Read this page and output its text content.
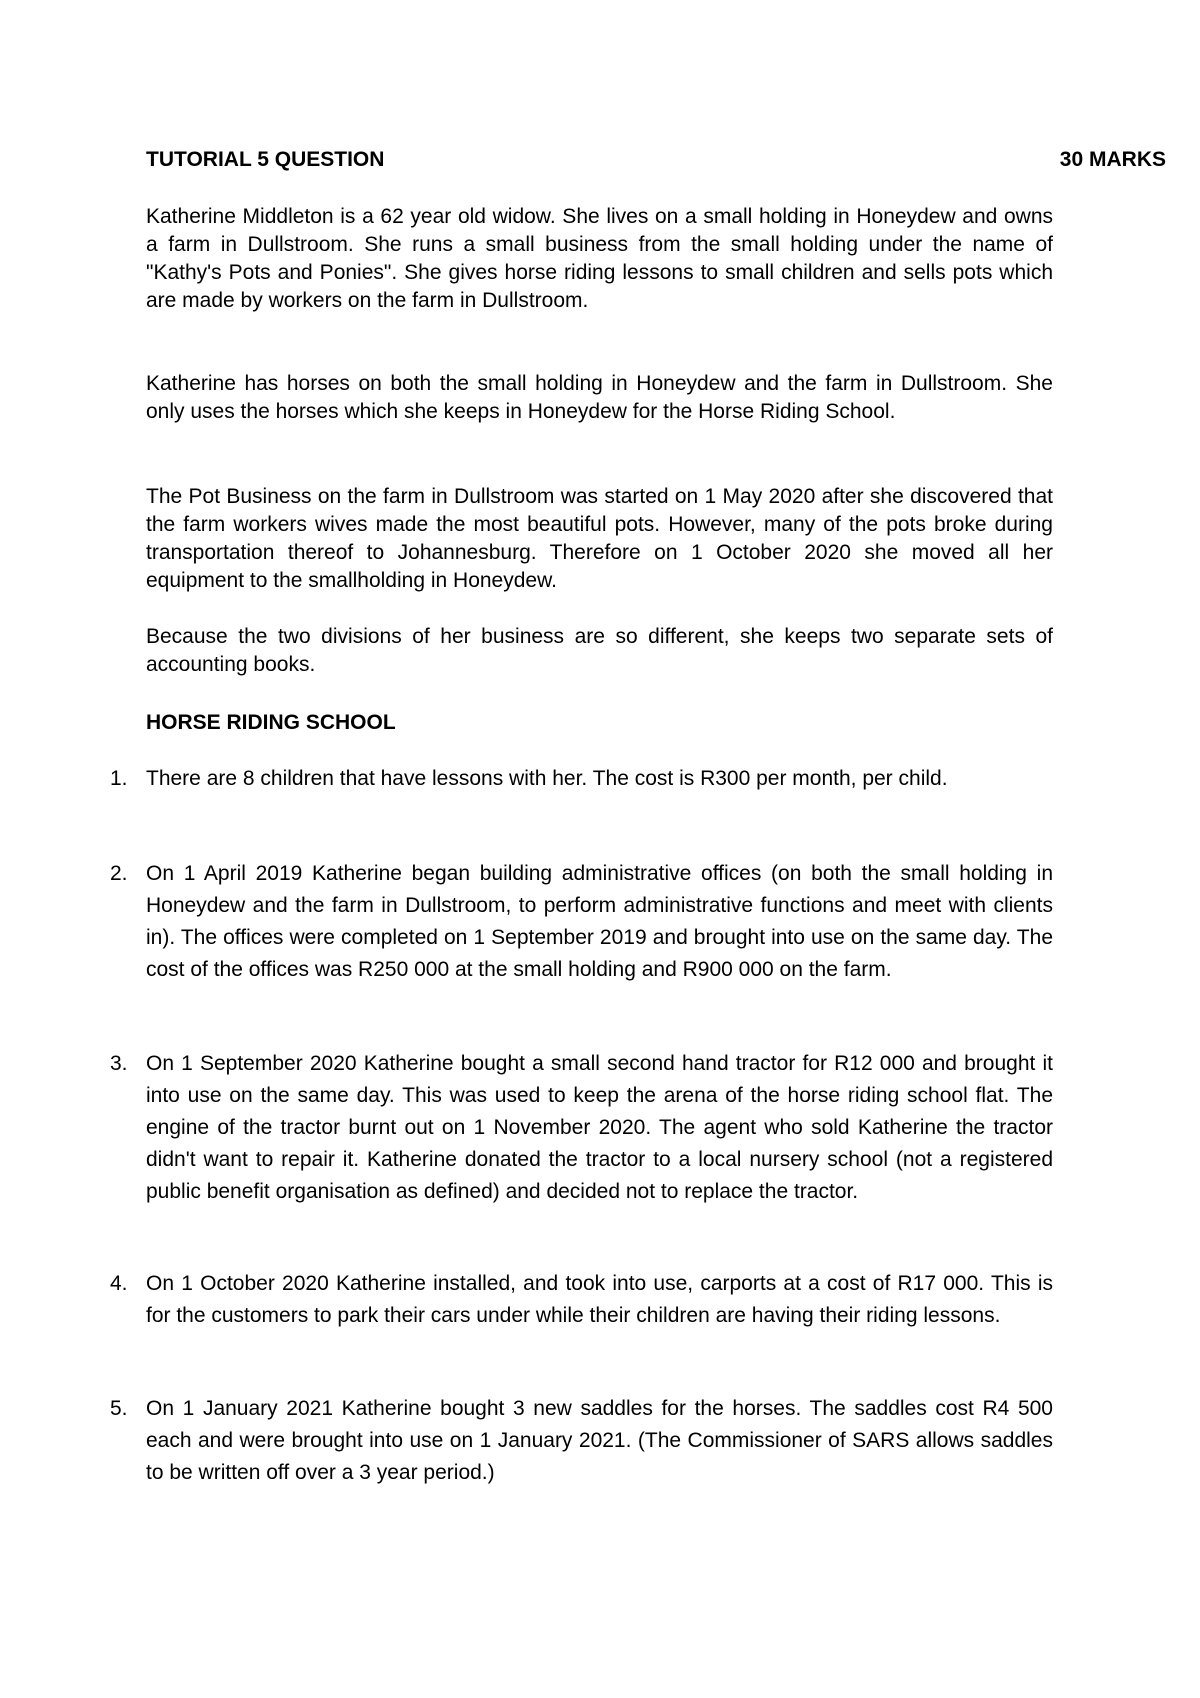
TUTORIAL 5 QUESTION	30 MARKS

Katherine Middleton is a 62 year old widow. She lives on a small holding in Honeydew and owns a farm in Dullstroom. She runs a small business from the small holding under the name of "Kathy's Pots and Ponies". She gives horse riding lessons to small children and sells pots which are made by workers on the farm in Dullstroom.

Katherine has horses on both the small holding in Honeydew and the farm in Dullstroom. She only uses the horses which she keeps in Honeydew for the Horse Riding School.

The Pot Business on the farm in Dullstroom was started on 1 May 2020 after she discovered that the farm workers wives made the most beautiful pots. However, many of the pots broke during transportation thereof to Johannesburg. Therefore on 1 October 2020 she moved all her equipment to the smallholding in Honeydew.

Because the two divisions of her business are so different, she keeps two separate sets of accounting books.

HORSE RIDING SCHOOL
1. There are 8 children that have lessons with her. The cost is R300 per month, per child.
2. On 1 April 2019 Katherine began building administrative offices (on both the small holding in Honeydew and the farm in Dullstroom, to perform administrative functions and meet with clients in). The offices were completed on 1 September 2019 and brought into use on the same day. The cost of the offices was R250 000 at the small holding and R900 000 on the farm.
3. On 1 September 2020 Katherine bought a small second hand tractor for R12 000 and brought it into use on the same day. This was used to keep the arena of the horse riding school flat. The engine of the tractor burnt out on 1 November 2020. The agent who sold Katherine the tractor didn't want to repair it. Katherine donated the tractor to a local nursery school (not a registered public benefit organisation as defined) and decided not to replace the tractor.
4. On 1 October 2020 Katherine installed, and took into use, carports at a cost of R17 000. This is for the customers to park their cars under while their children are having their riding lessons.
5. On 1 January 2021 Katherine bought 3 new saddles for the horses. The saddles cost R4 500 each and were brought into use on 1 January 2021. (The Commissioner of SARS allows saddles to be written off over a 3 year period.)
